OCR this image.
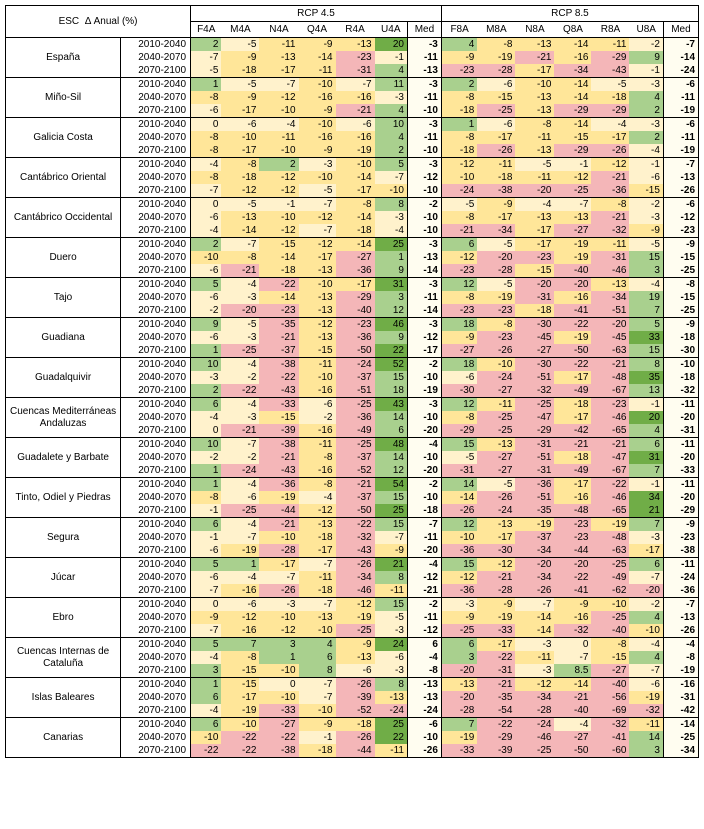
ESC Δ Anual (%)		RCP 4.5							RCP 8.5						
		F4A	M4A	N4A	Q4A	R4A	U4A	Med	F8A	M8A	N8A	Q8A	R8A	U8A	Med
España	2010-2040	2	-5	-11	-9	-13	20	-3	4	-8	-13	-14	-11	-2	-7
	2040-2070	-7	-9	-13	-14	-23	-1	-11	-9	-19	-21	-16	-29	9	-14
	2070-2100	-5	-18	-17	-11	-31	4	-13	-23	-28	-17	-34	-43	-1	-24
Miño-Sil	2010-2040	1	-5	-7	-10	-7	11	-3	2	-6	-10	-14	-5	-3	-6
	2040-2070	-8	-9	-12	-16	-16	-3	-11	-8	-15	-13	-14	-18	4	-11
	2070-2100	-6	-17	-10	-9	-21	4	-10	-18	-25	-13	-29	-29	2	-19
Galicia Costa	2010-2040	0	-6	-4	-10	-6	10	-3	1	-6	-8	-14	-4	-3	-6
	2040-2070	-8	-10	-11	-16	-16	4	-11	-8	-17	-11	-15	-17	2	-11
	2070-2100	-8	-17	-10	-9	-19	2	-10	-18	-26	-13	-29	-26	-4	-19
Cantábrico Oriental	2010-2040	-4	-8	2	-3	-10	5	-3	-12	-11	-5	-1	-12	-1	-7
	2040-2070	-8	-18	-12	-10	-14	-7	-12	-10	-18	-11	-12	-21	-6	-13
	2070-2100	-7	-12	-12	-5	-17	-10	-10	-24	-38	-20	-25	-36	-15	-26
Cantábrico Occidental	2010-2040	0	-5	-1	-7	-8	8	-2	-5	-9	-4	-7	-8	-2	-6
	2040-2070	-6	-13	-10	-12	-14	-3	-10	-8	-17	-13	-13	-21	-3	-12
	2070-2100	-4	-14	-12	-7	-18	-4	-10	-21	-34	-17	-27	-32	-9	-23
Duero	2010-2040	2	-7	-15	-12	-14	25	-3	6	-5	-17	-19	-11	-5	-9
	2040-2070	-10	-8	-14	-17	-27	1	-13	-12	-20	-23	-19	-31	15	-15
	2070-2100	-6	-21	-18	-13	-36	9	-14	-23	-28	-15	-40	-46	3	-25
Tajo	2010-2040	5	-4	-22	-10	-17	31	-3	12	-5	-20	-20	-13	-4	-8
	2040-2070	-6	-3	-14	-13	-29	3	-11	-8	-19	-31	-16	-34	19	-15
	2070-2100	-2	-20	-23	-13	-40	12	-14	-23	-23	-18	-41	-51	7	-25
Guadiana	2010-2040	9	-5	-35	-12	-23	46	-3	18	-8	-30	-22	-20	5	-9
	2040-2070	-6	-3	-21	-13	-36	9	-12	-9	-23	-45	-19	-45	33	-18
	2070-2100	1	-25	-37	-15	-50	22	-17	-27	-26	-27	-50	-63	15	-30
Guadalquivir	2010-2040	10	-4	-38	-11	-24	52	-2	18	-10	-30	-22	-21	8	-10
	2040-2070	-3	-2	-22	-10	-37	15	-10	-6	-24	-51	-17	-48	35	-18
	2070-2100	2	-22	-43	-16	-51	18	-19	-30	-27	-32	-49	-67	13	-32
Cuencas Mediterráneas Andaluzas	2010-2040	6	-4	-33	-6	-25	43	-3	12	-11	-25	-18	-23	-1	-11
	2040-2070	-4	-3	-15	-2	-36	14	-10	-8	-25	-47	-17	-46	20	-20
	2070-2100	0	-21	-39	-16	-49	6	-20	-29	-25	-29	-42	-65	4	-31
Guadalete y Barbate	2010-2040	10	-7	-38	-11	-25	48	-4	15	-13	-31	-21	-21	6	-11
	2040-2070	-2	-2	-21	-8	-37	14	-10	-5	-27	-51	-18	-47	31	-20
	2070-2100	1	-24	-43	-16	-52	12	-20	-31	-27	-31	-49	-67	7	-33
Tinto, Odiel y Piedras	2010-2040	1	-4	-36	-8	-21	54	-2	14	-5	-36	-17	-22	-1	-11
	2040-2070	-8	-6	-19	-4	-37	15	-10	-14	-26	-51	-16	-46	34	-20
	2070-2100	-1	-25	-44	-12	-50	25	-18	-26	-24	-35	-48	-65	21	-29
Segura	2010-2040	6	-4	-21	-13	-22	15	-7	12	-13	-19	-23	-19	7	-9
	2040-2070	-1	-7	-10	-18	-32	-7	-11	-10	-17	-37	-23	-48	-3	-23
	2070-2100	-6	-19	-28	-17	-43	-9	-20	-36	-30	-34	-44	-63	-17	-38
Júcar	2010-2040	5	1	-17	-7	-26	21	-4	15	-12	-20	-20	-25	6	-11
	2040-2070	-6	-4	-7	-11	-34	8	-12	-12	-21	-34	-22	-49	-7	-24
	2070-2100	-7	-16	-26	-18	-46	-11	-21	-36	-28	-26	-41	-62	-20	-36
Ebro	2010-2040	0	-6	-3	-7	-12	15	-2	-3	-9	-7	-9	-10	-2	-7
	2040-2070	-9	-12	-10	-13	-19	-5	-11	-9	-19	-14	-16	-25	4	-13
	2070-2100	-7	-16	-12	-10	-25	-3	-12	-25	-33	-14	-32	-40	-10	-26
Cuencas Internas de Cataluña	2010-2040	5	7	3	4	-9	24	6	6	-17	-3	0	-8	-4	-4
	2040-2070	-4	-8	1	6	-13	-6	-4	3	-22	-11	-7	-15	4	-8
	2070-2100	3	-15	-10	8	-6	-3	-8	-20	-31	-3	8.5	-27	-7	-19
Islas Baleares	2010-2040	1	-15	0	-7	-26	8	-13	-13	-21	-12	-14	-40	-6	-16
	2040-2070	6	-17	-10	-7	-39	-13	-13	-20	-35	-34	-21	-56	-19	-31
	2070-2100	-4	-19	-33	-10	-52	-24	-24	-28	-54	-28	-40	-69	-32	-42
Canarias	2010-2040	6	-10	-27	-9	-18	25	-6	7	-22	-24	-4	-32	-11	-14
	2040-2070	-10	-22	-22	-1	-26	22	-10	-19	-29	-46	-27	-41	14	-25
	2070-2100	-22	-22	-38	-18	-44	-11	-26	-33	-39	-25	-50	-60	3	-34
